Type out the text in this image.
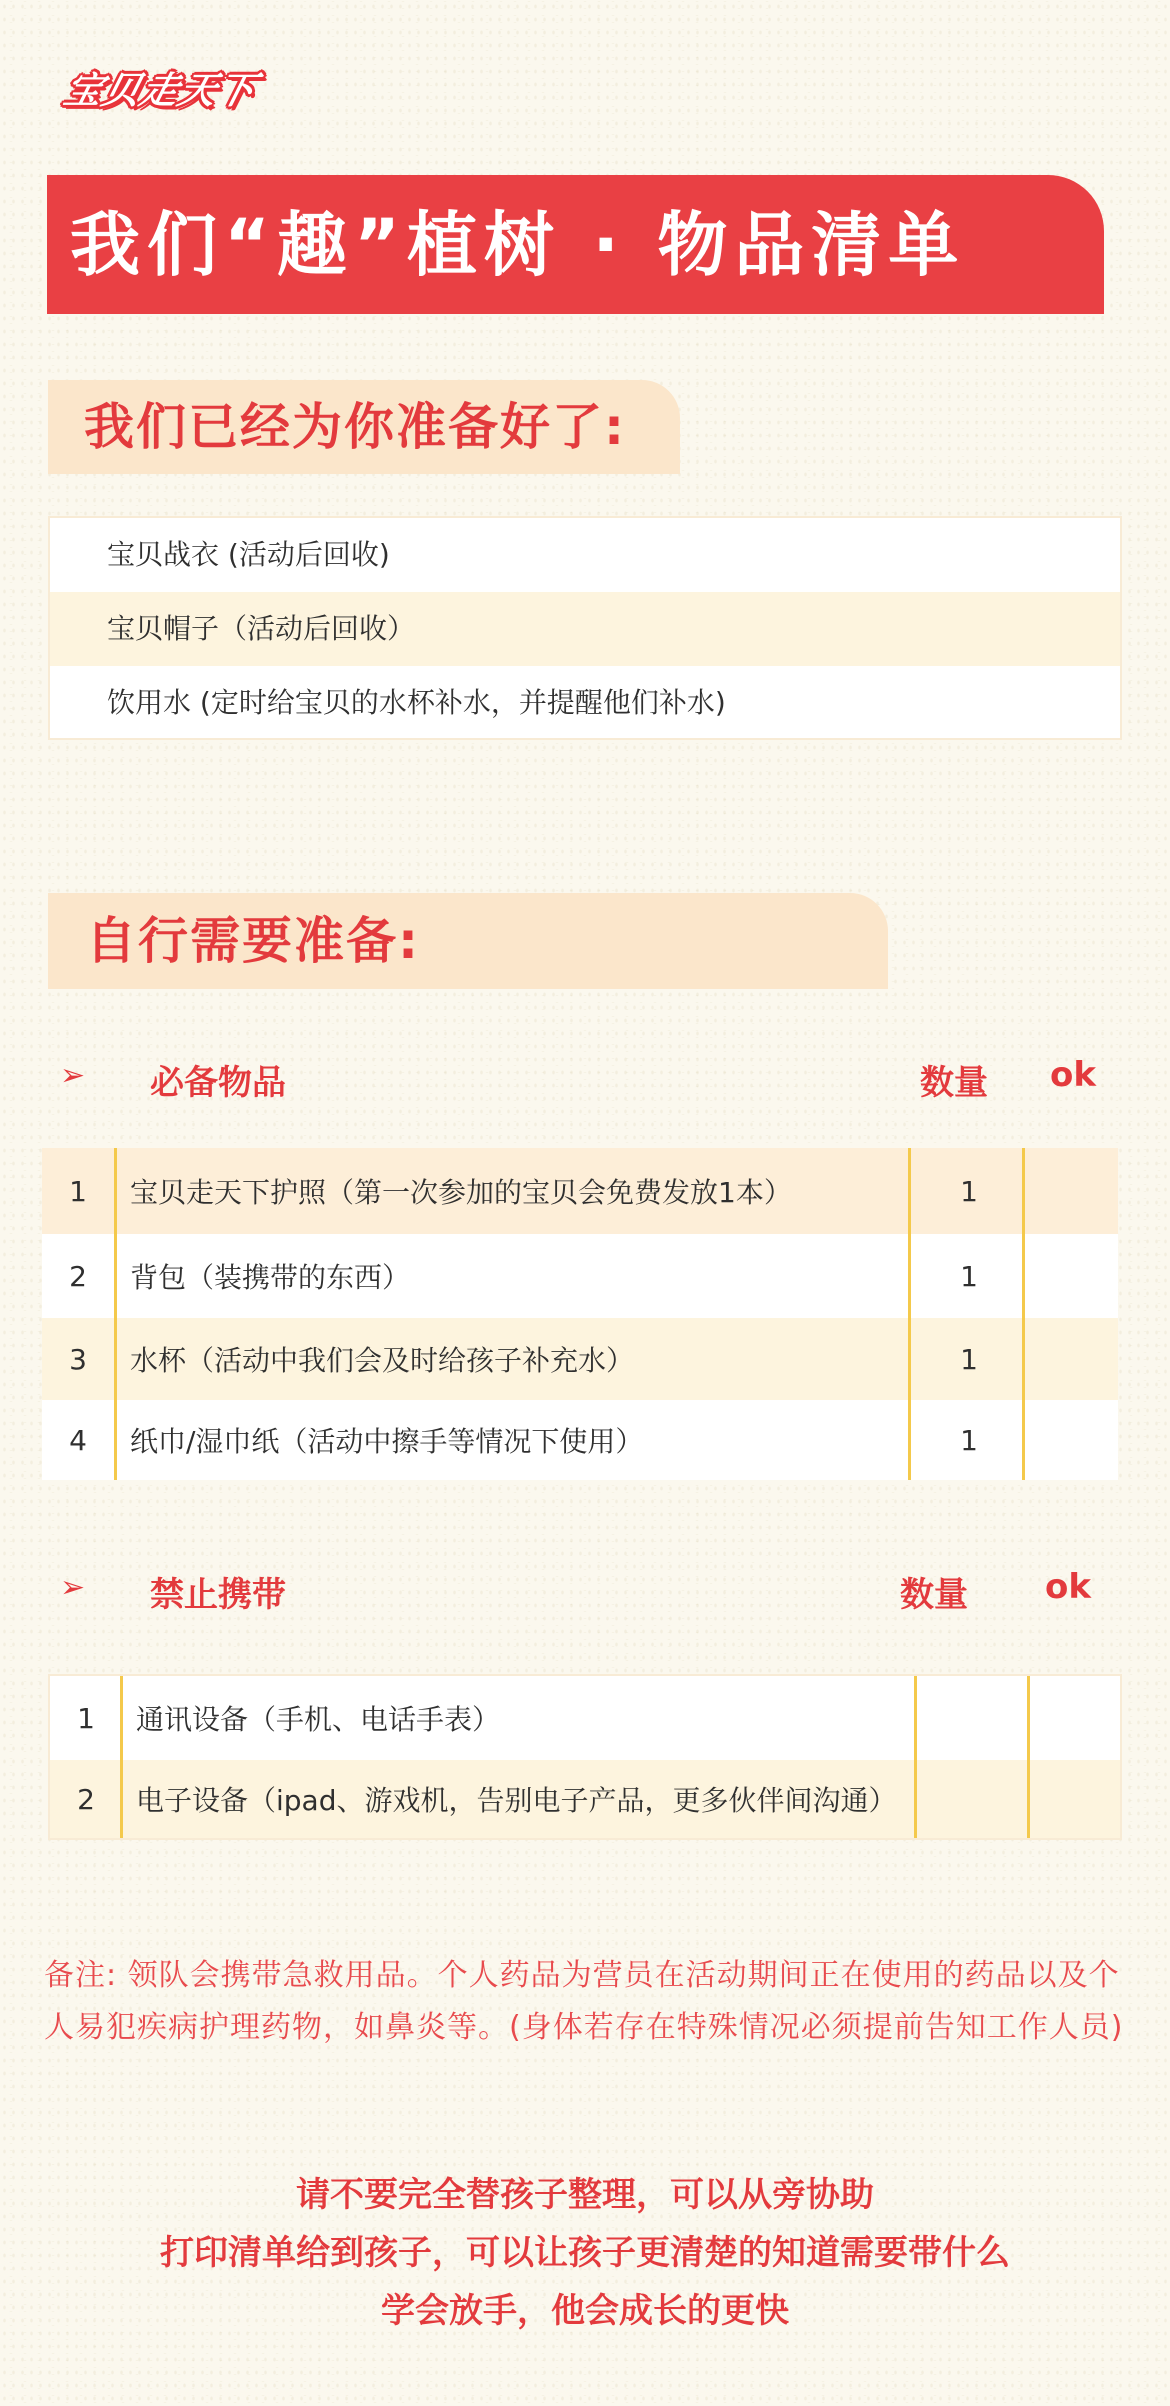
宝贝走天下
我们“趣”植树 · 物品清单
我们已经为你准备好了:
宝贝战衣 (活动后回收)
宝贝帽子（活动后回收）
饮用水 (定时给宝贝的水杯补水，并提醒他们补水)
自行需要准备:
➢ 必备物品	数量 ok
1	宝贝走天下护照（第一次参加的宝贝会免费发放1本）	1
2	背包（装携带的东西）	1
3	水杯（活动中我们会及时给孩子补充水）	1
4	纸巾/湿巾纸（活动中擦手等情况下使用）	1
➢ 禁止携带	数量 ok
1	通讯设备（手机、电话手表）
2	电子设备（ipad、游戏机，告别电子产品，更多伙伴间沟通）
备注: 领队会携带急救用品。个人药品为营员在活动期间正在使用的药品以及个人易犯疾病护理药物，如鼻炎等。(身体若存在特殊情况必须提前告知工作人员)
请不要完全替孩子整理，可以从旁协助
打印清单给到孩子，可以让孩子更清楚的知道需要带什么
学会放手，他会成长的更快
